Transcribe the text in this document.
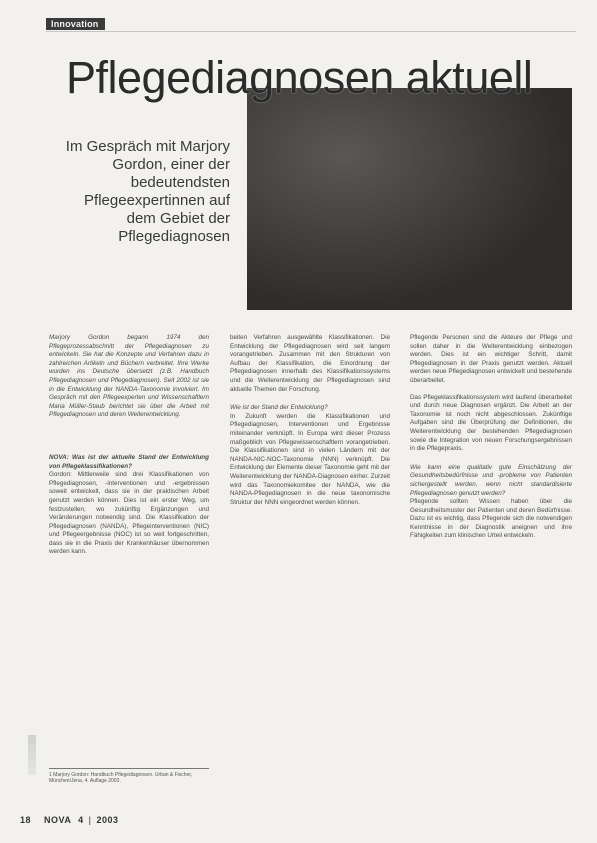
Innovation
Pflegediagnosen aktuell
Im Gespräch mit Marjory Gordon, einer der bedeutendsten Pflegeexpertinnen auf dem Gebiet der Pflegediagnosen

Marjory Gordon begann 1974 den Pflegeprozessabschnitt der Pflegediagnosen zu entwickeln. Sie hat die Konzepte und Verfahren dazu in zahlreichen Artikeln und Büchern verbreitet. Ihre Werke wurden ins Deutsche übersetzt (z.B. Handbuch Pflegediagnosen und Pflegediagnosen). Seit 2002 ist sie in die Entwicklung der NANDA-Taxonomie involviert. Im Gespräch mit den Pflegeexperten und Wissenschaftlern Maria Müller-Staub berichtet sie über die Arbeit mit Pflegediagnosen und deren Weiterentwicklung.

NOVA: Was ist der aktuelle Stand der Entwicklung von Pflegeklassifikationen?

Gordon: Mittlerweile sind drei Klassifikationen von Pflegediagnosen, -interventionen und -ergebnissen soweit entwickelt, dass sie in der praktischen Arbeit genutzt werden können. Dies ist ein erster Weg, um festzustellen, wo zukünftig Ergänzungen und Veränderungen notwendig sind. Die Klassifikation der Pflegediagnosen (NANDA), Pflegeinterventionen (NIC) und Pflegeergebnisse (NOC) ist so weit fortgeschritten, dass sie in die Praxis der Krankenhäuser übernommen werden kann.

beiten Verfahren ausgewählte Klassifikationen. Die Entwicklung der Pflegediagnosen wird seit langem vorangetrieben. Zusammen mit den Strukturen von Aufbau der Klassifikation, die Einordnung der Pflegediagnosen innerhalb des Klassifikationssystems und die Weiterentwicklung der Pflegediagnosen sind aktuelle Themen der Forschung.

Wie ist der Stand der Entwicklung?

In Zukunft werden die Klassifikationen und Pflegediagnosen, Interventionen und Ergebnisse miteinander verknüpft. In Europa wird dieser Prozess maßgeblich von Pflegewissenschaftlern vorangetrieben. Die Klassifikationen sind in vielen Ländern mit der NANDA-NIC-NOC-Taxonomie (NNN) verknüpft. Die Entwicklung der Elemente dieser Taxonomie geht mit der Weiterentwicklung der NANDA-Diagnosen einher. Zurzeit wird das Taxonomiekomitee der NANDA, wie die NANDA-Pflegediagnosen in die neue taxonomische Struktur der NNN eingeordnet werden können.

Pflegende Personen sind die Akteure der Pflege und sollen daher in die Weiterentwicklung einbezogen werden. Dies ist ein wichtiger Schritt, damit Pflegediagnosen in der Praxis genutzt werden. Aktuell werden neue Pflegediagnosen entwickelt und bestehende überarbeitet.

Das Pflegeklassifikationssystem wird laufend überarbeitet und durch neue Diagnosen ergänzt. Die Arbeit an der Taxonomie ist noch nicht abgeschlossen. Zukünftige Aufgaben sind die Überprüfung der Definitionen, die Weiterentwicklung der bestehenden Pflegediagnosen sowie die Integration von neuen Forschungsergebnissen in die Pflegepraxis.

Wie kann eine qualitativ gute Einschätzung der Gesundheitsbedürfnisse und -probleme von Patienten sichergestellt werden, wenn nicht standardisierte Pflegediagnosen genutzt werden?

Pflegende sollten Wissen haben über die Gesundheitsmuster der Patienten und deren Bedürfnisse. Dazu ist es wichtig, dass Pflegende sich die notwendigen Kenntnisse in der Diagnostik aneignen und ihre Fähigkeiten zum klinischen Urteil entwickeln.

1 Marjory Gordon: Handbuch Pflegediagnosen. Urban & Fischer, München/Jena, 4. Auflage 2003.
18 NOVA 4 | 2003
